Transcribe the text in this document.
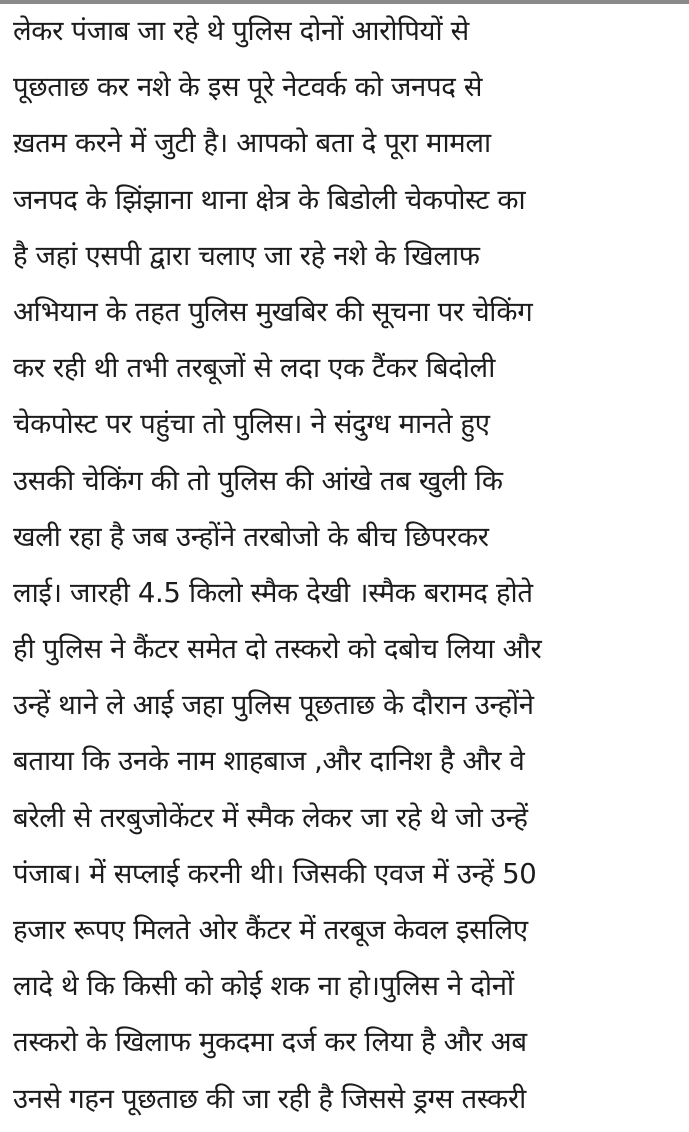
लेकर पंजाब जा रहे थे पुलिस दोनों आरोपियों से
पूछताछ कर नशे के इस पूरे नेटवर्क को जनपद से
ख़तम करने में जुटी है। आपको बता दे पूरा मामला
जनपद के झिंझाना थाना क्षेत्र के बिडोली चेकपोस्ट का
है जहां एसपी द्वारा चलाए जा रहे नशे के खिलाफ
अभियान के तहत पुलिस मुखबिर की सूचना पर चेकिंग
कर रही थी तभी तरबूजों से लदा एक टैंकर बिदोली
चेकपोस्ट पर पहुंचा तो पुलिस। ने संदुग्ध मानते हुए
उसकी चेकिंग की तो पुलिस की आंखे तब खुली कि
खली रहा है जब उन्होंने तरबोजो के बीच छिपरकर
लाई। जारही 4.5 किलो स्मैक देखी ।स्मैक बरामद होते
ही पुलिस ने कैंटर समेत दो तस्करो को दबोच लिया और
उन्हें थाने ले आई जहा पुलिस पूछताछ के दौरान उन्होंने
बताया कि उनके नाम शाहबाज ,और दानिश है और वे
बरेली से तरबुजोकेंटर में स्मैक लेकर जा रहे थे जो उन्हें
पंजाब। में सप्लाई करनी थी। जिसकी एवज में उन्हें 50
हजार रूपए मिलते ओर कैंटर में तरबूज केवल इसलिए
लादे थे कि किसी को कोई शक ना हो।पुलिस ने दोनों
तस्करो के खिलाफ मुकदमा दर्ज कर लिया है और अब
उनसे गहन पूछताछ की जा रही है जिससे ड्रग्स तस्करी
